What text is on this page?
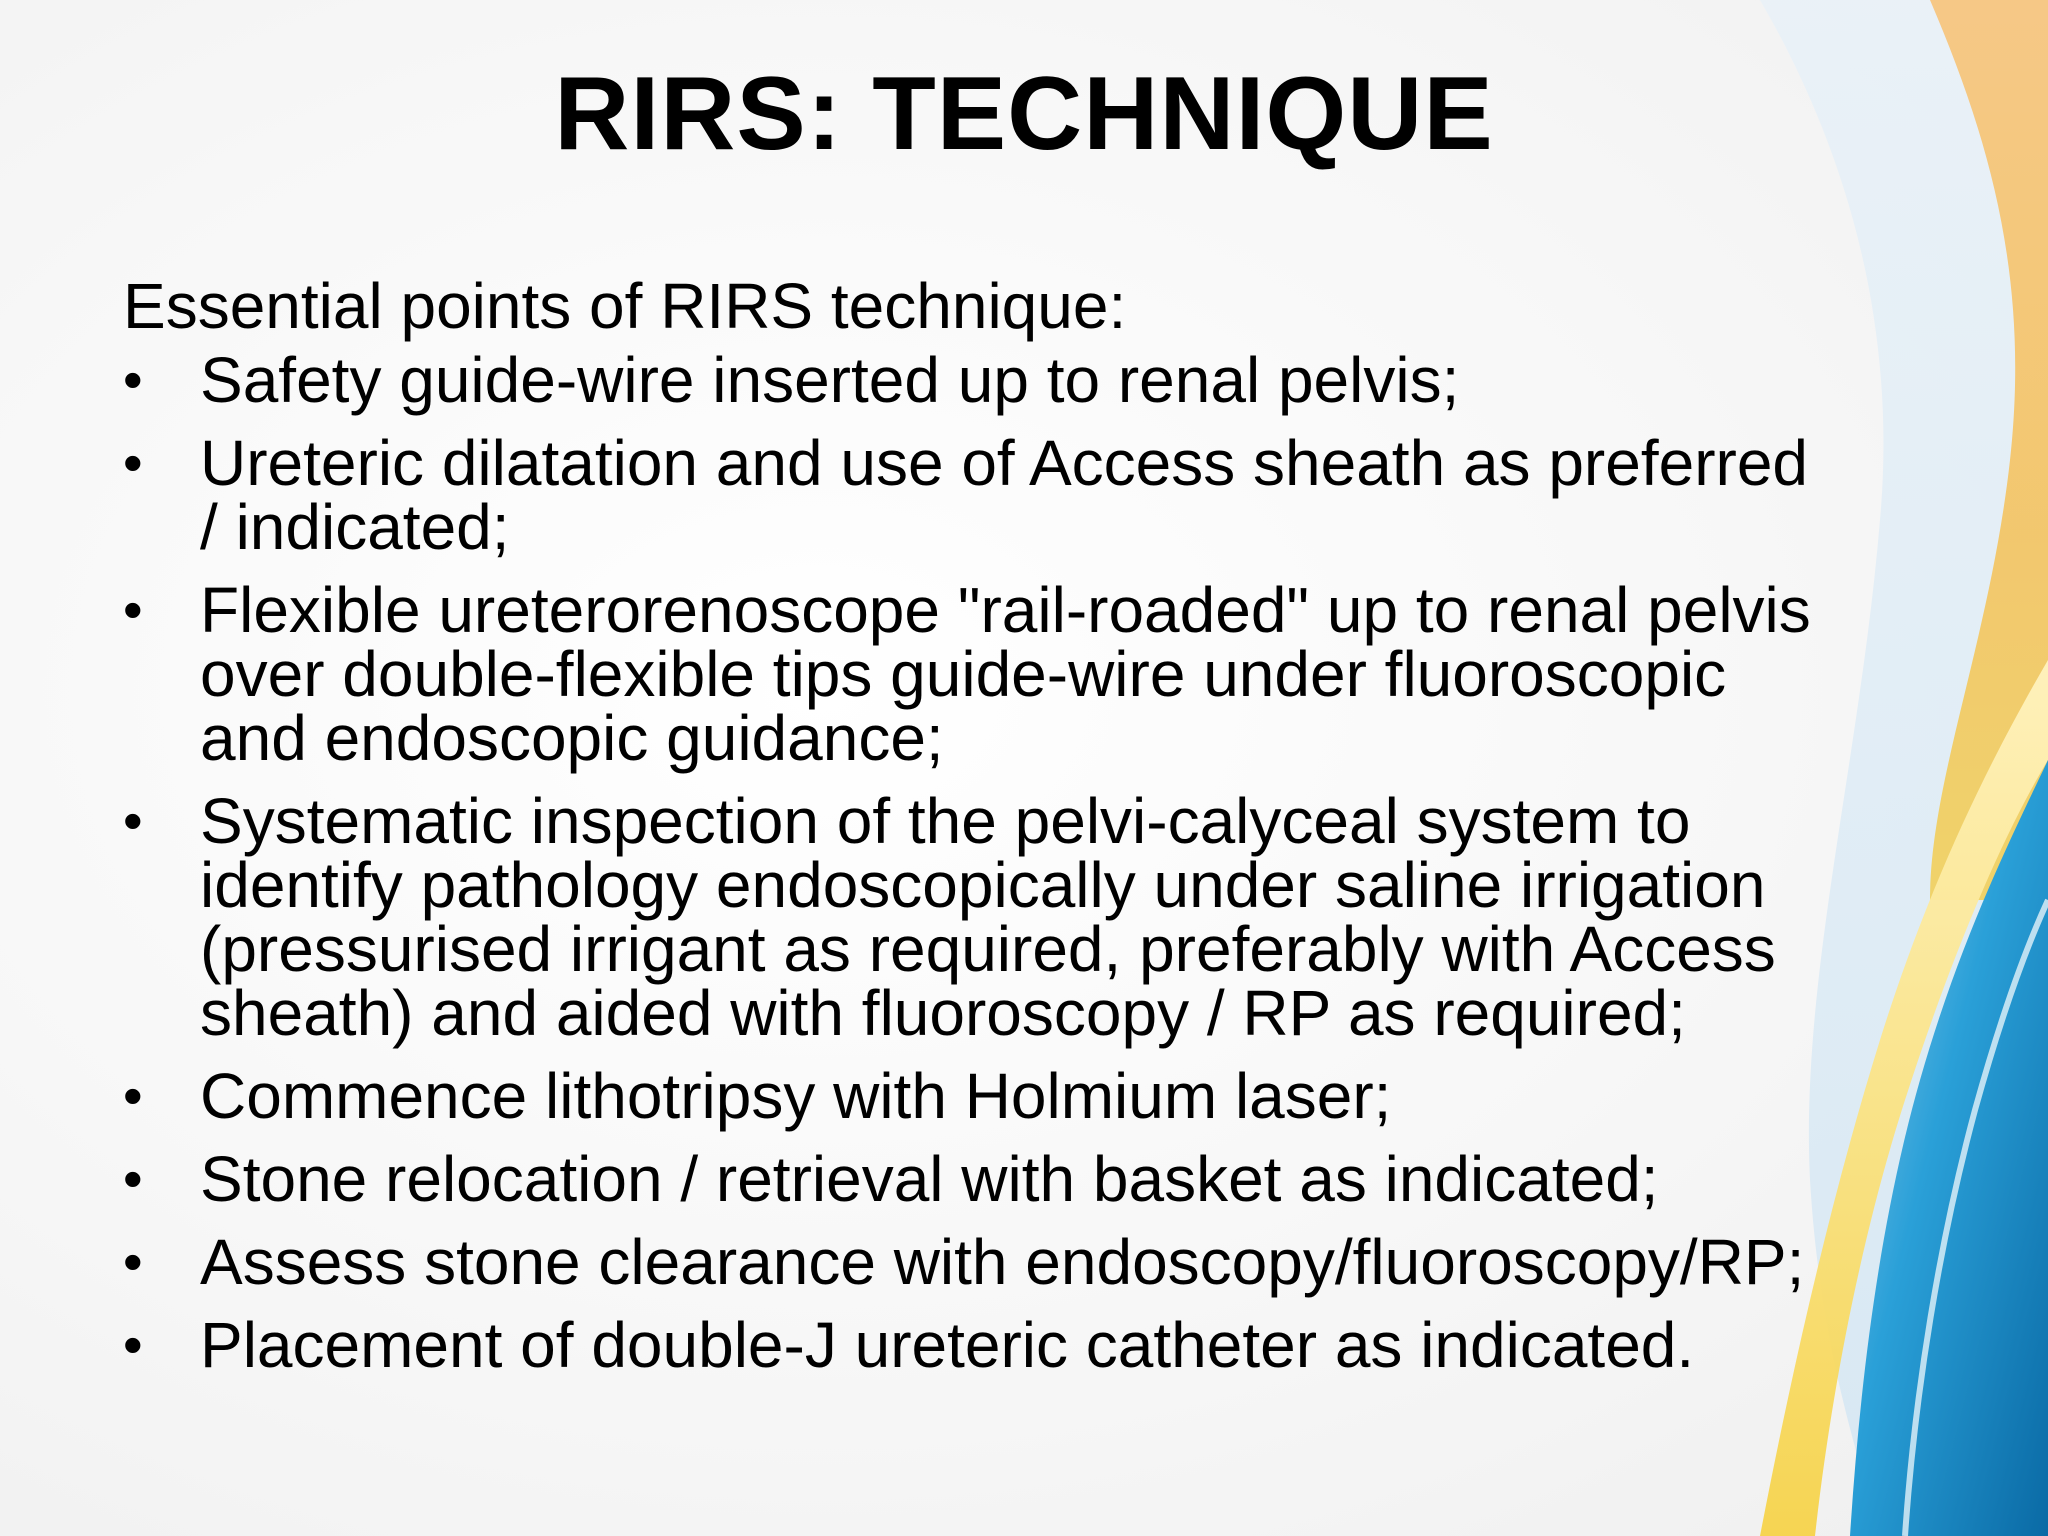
RIRS: TECHNIQUE
Essential points of RIRS technique:
• Safety guide-wire inserted up to renal pelvis;
• Ureteric dilatation and use of Access sheath as preferred
/ indicated;
• Flexible ureterorenoscope "rail-roaded" up to renal pelvis
over double-flexible tips guide-wire under fluoroscopic
and endoscopic guidance;
• Systematic inspection of the pelvi-calyceal system to
identify pathology endoscopically under saline irrigation
(pressurised irrigant as required, preferably with Access
sheath) and aided with fluoroscopy / RP as required;
• Commence lithotripsy with Holmium laser;
• Stone relocation / retrieval with basket as indicated;
• Assess stone clearance with endoscopy/fluoroscopy/RP;
• Placement of double-J ureteric catheter as indicated.
